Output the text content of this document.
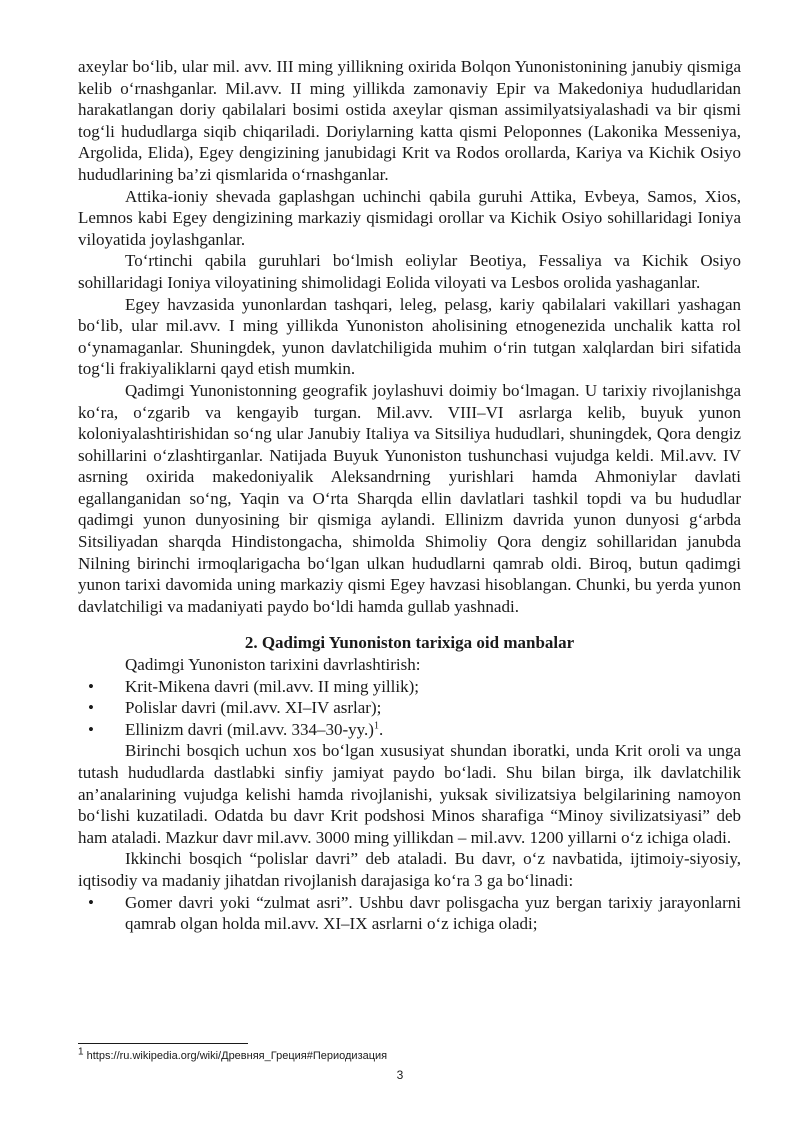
axeylar bo‘lib, ular mil. avv. III ming yillikning oxirida Bolqon Yunonistonining janubiy qismiga kelib o‘rnashganlar. Mil.avv. II ming yillikda zamonaviy Epir va Makedoniya hududlaridan harakatlangan doriy qabilalari bosimi ostida axeylar qisman assimilyatsiyalashadi va bir qismi tog‘li hududlarga siqib chiqariladi. Doriylarning katta qismi Peloponnes (Lakonika Messeniya, Argolida, Elida), Egey dengizining janubidagi Krit va Rodos orollarda, Kariya va Kichik Osiyo hududlarining ba’zi qismlarida o‘rnashganlar.

Attika-ioniy shevada gaplashgan uchinchi qabila guruhi Attika, Evbeya, Samos, Xios, Lemnos kabi Egey dengizining markaziy qismidagi orollar va Kichik Osiyo sohillaridagi Ioniya viloyatida joylashganlar.

To‘rtinchi qabila guruhlari bo‘lmish eoliylar Beotiya, Fessaliya va Kichik Osiyo sohillaridagi Ioniya viloyatining shimolidagi Eolida viloyati va Lesbos orolida yashaganlar.

Egey havzasida yunonlardan tashqari, leleg, pelasg, kariy qabilalari vakillari yashagan bo‘lib, ular mil.avv. I ming yillikda Yunoniston aholisining etnogenezida unchalik katta rol o‘ynamaganlar. Shuningdek, yunon davlatchiligida muhim o‘rin tutgan xalqlardan biri sifatida tog‘li frakiyaliklarni qayd etish mumkin.

Qadimgi Yunonistonning geografik joylashuvi doimiy bo‘lmagan. U tarixiy rivojlanishga ko‘ra, o‘zgarib va kengayib turgan. Mil.avv. VIII–VI asrlarga kelib, buyuk yunon koloniyalashtirishidan so‘ng ular Janubiy Italiya va Sitsiliya hududlari, shuningdek, Qora dengiz sohillarini o‘zlashtirganlar. Natijada Buyuk Yunoniston tushunchasi vujudga keldi. Mil.avv. IV asrning oxirida makedoniyalik Aleksandrning yurishlari hamda Ahmoniylar davlati egallanganidan so‘ng, Yaqin va O‘rta Sharqda ellin davlatlari tashkil topdi va bu hududlar qadimgi yunon dunyosining bir qismiga aylandi. Ellinizm davrida yunon dunyosi g‘arbda Sitsiliyadan sharqda Hindistongacha, shimolda Shimoliy Qora dengiz sohillaridan janubda Nilning birinchi irmoqlarigacha bo‘lgan ulkan hududlarni qamrab oldi. Biroq, butun qadimgi yunon tarixi davomida uning markaziy qismi Egey havzasi hisoblangan. Chunki, bu yerda yunon davlatchiligi va madaniyati paydo bo‘ldi hamda gullab yashnadi.

2. Qadimgi Yunoniston tarixiga oid manbalar

Qadimgi Yunoniston tarixini davrlashtirish:

• Krit-Mikena davri (mil.avv. II ming yillik);
• Polislar davri (mil.avv. XI–IV asrlar);
• Ellinizm davri (mil.avv. 334–30-yy.)$^1$.

Birinchi bosqich uchun xos bo‘lgan xususiyat shundan iboratki, unda Krit oroli va unga tutash hududlarda dastlabki sinfiy jamiyat paydo bo‘ladi. Shu bilan birga, ilk davlatchilik an’analarining vujudga kelishi hamda rivojlanishi, yuksak sivilizatsiya belgilarining namoyon bo‘lishi kuzatiladi. Odatda bu davr Krit podshosi Minos sharafiga “Minoy sivilizatsiyasi” deb ham ataladi. Mazkur davr mil.avv. 3000 ming yillikdan – mil.avv. 1200 yillarni o‘z ichiga oladi.

Ikkinchi bosqich “polislar davri” deb ataladi. Bu davr, o‘z navbatida, ijtimoiy-siyosiy, iqtisodiy va madaniy jihatdan rivojlanish darajasiga ko‘ra 3 ga bo‘linadi:

• Gomer davri yoki “zulmat asri”. Ushbu davr polisgacha yuz bergan tarixiy jarayonlarni qamrab olgan holda mil.avv. XI–IX asrlarni o‘z ichiga oladi;
$^1$ https://ru.wikipedia.org/wiki/Древняя_Греция#Периодизация
3
